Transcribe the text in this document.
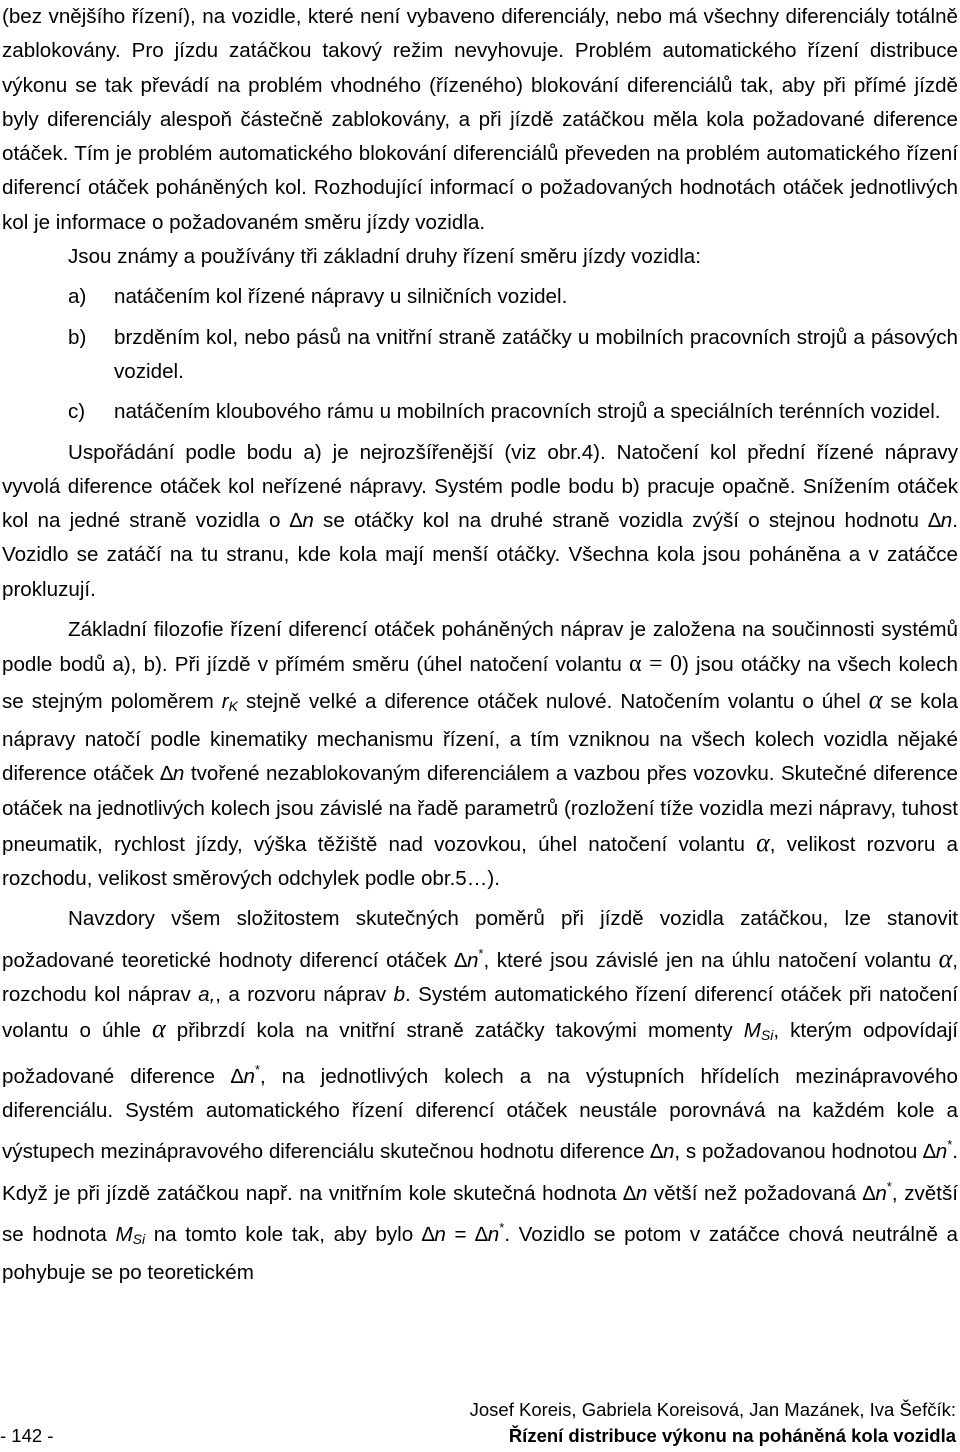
(bez vnějšího řízení), na vozidle, které není vybaveno diferenciály, nebo má všechny diferenciály totálně zablokovány. Pro jízdu zatáčkou takový režim nevyhovuje. Problém automatického řízení distribuce výkonu se tak převádí na problém vhodného (řízeného) blokování diferenciálů tak, aby při přímé jízdě byly diferenciály alespoň částečně zablokovány, a při jízdě zatáčkou měla kola požadované diference otáček. Tím je problém automatického blokování diferenciálů převeden na problém automatického řízení diferencí otáček poháněných kol. Rozhodující informací o požadovaných hodnotách otáček jednotlivých kol je informace o požadovaném směru jízdy vozidla.

Jsou známy a používány tři základní druhy řízení směru jízdy vozidla:

a)	natáčením kol řízené nápravy u silničních vozidel.
b)	brzděním kol, nebo pásů na vnitřní straně zatáčky u mobilních pracovních strojů a pásových vozidel.
c)	natáčením kloubového rámu u mobilních pracovních strojů a speciálních terénních vozidel.

Uspořádání podle bodu a) je nejrozšířenější (viz obr.4). Natočení kol přední řízené nápravy vyvolá diference otáček kol neřízené nápravy. Systém podle bodu b) pracuje opačně. Snížením otáček kol na jedné straně vozidla o ∆n se otáčky kol na druhé straně vozidla zvýší o stejnou hodnotu ∆n. Vozidlo se zatáčí na tu stranu, kde kola mají menší otáčky. Všechna kola jsou poháněna a v zatáčce prokluzují.

Základní filozofie řízení diferencí otáček poháněných náprav je založena na součinnosti systémů podle bodů a), b). Při jízdě v přímém směru (úhel natočení volantu α = 0) jsou otáčky na všech kolech se stejným poloměrem $r_K$ stejně velké a diference otáček nulové. Natočením volantu o úhel α se kola nápravy natočí podle kinematiky mechanismu řízení, a tím vzniknou na všech kolech vozidla nějaké diference otáček ∆n tvořené nezablokovaným diferenciálem a vazbou přes vozovku. Skutečné diference otáček na jednotlivých kolech jsou závislé na řadě parametrů (rozložení tíže vozidla mezi nápravy, tuhost pneumatik, rychlost jízdy, výška těžiště nad vozovkou, úhel natočení volantu α, velikost rozvoru a rozchodu, velikost směrových odchylek podle obr.5…).

Navzdory všem složitostem skutečných poměrů při jízdě vozidla zatáčkou, lze stanovit požadované teoretické hodnoty diferencí otáček ∆n*, které jsou závislé jen na úhlu natočení volantu α, rozchodu kol náprav a,, a rozvoru náprav b. Systém automatického řízení diferencí otáček při natočení volantu o úhle α přibrzdí kola na vnitřní straně zatáčky takovými momenty $M_{Si}$, kterým odpovídají požadované diference ∆n*, na jednotlivých kolech a na výstupních hřídelích mezinápravového diferenciálu. Systém automatického řízení diferencí otáček neustále porovnává na každém kole a výstupech mezinápravového diferenciálu skutečnou hodnotu diference ∆n, s požadovanou hodnotou ∆n*. Když je při jízdě zatáčkou např. na vnitřním kole skutečná hodnota ∆n větší než požadovaná ∆n*, zvětší se hodnota $M_{Si}$ na tomto kole tak, aby bylo ∆n = ∆n*. Vozidlo se potom v zatáčce chová neutrálně a pohybuje se po teoretickém

- 142 -
Josef Koreis, Gabriela Koreisová, Jan Mazánek, Iva Šefčík:
Řízení distribuce výkonu na poháněná kola vozidla
